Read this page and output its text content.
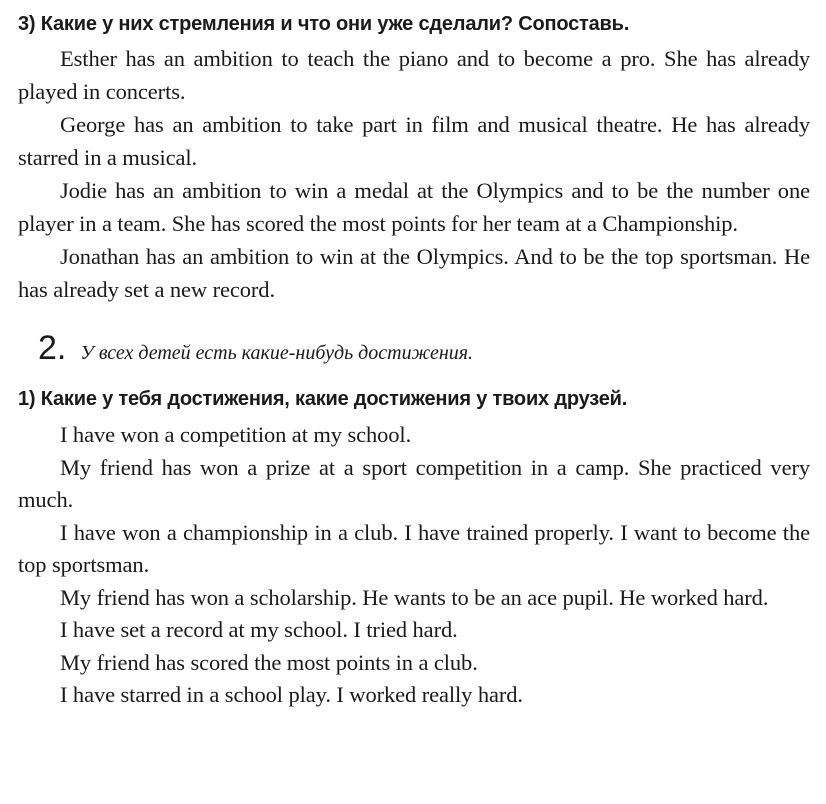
3) Какие у них стремления и что они уже сделали? Сопоставь.

Esther has an ambition to teach the piano and to become a pro. She has already played in concerts.

George has an ambition to take part in film and musical theatre. He has already starred in a musical.

Jodie has an ambition to win a medal at the Olympics and to be the number one player in a team. She has scored the most points for her team at a Championship.

Jonathan has an ambition to win at the Olympics. And to be the top sportsman. He has already set a new record.

2. У всех детей есть какие-нибудь достижения.
1) Какие у тебя достижения, какие достижения у твоих друзей.

I have won a competition at my school.

My friend has won a prize at a sport competition in a camp. She practiced very much.

I have won a championship in a club. I have trained properly. I want to become the top sportsman.

My friend has won a scholarship. He wants to be an ace pupil. He worked hard.

I have set a record at my school. I tried hard.

My friend has scored the most points in a club.

I have starred in a school play. I worked really hard.
